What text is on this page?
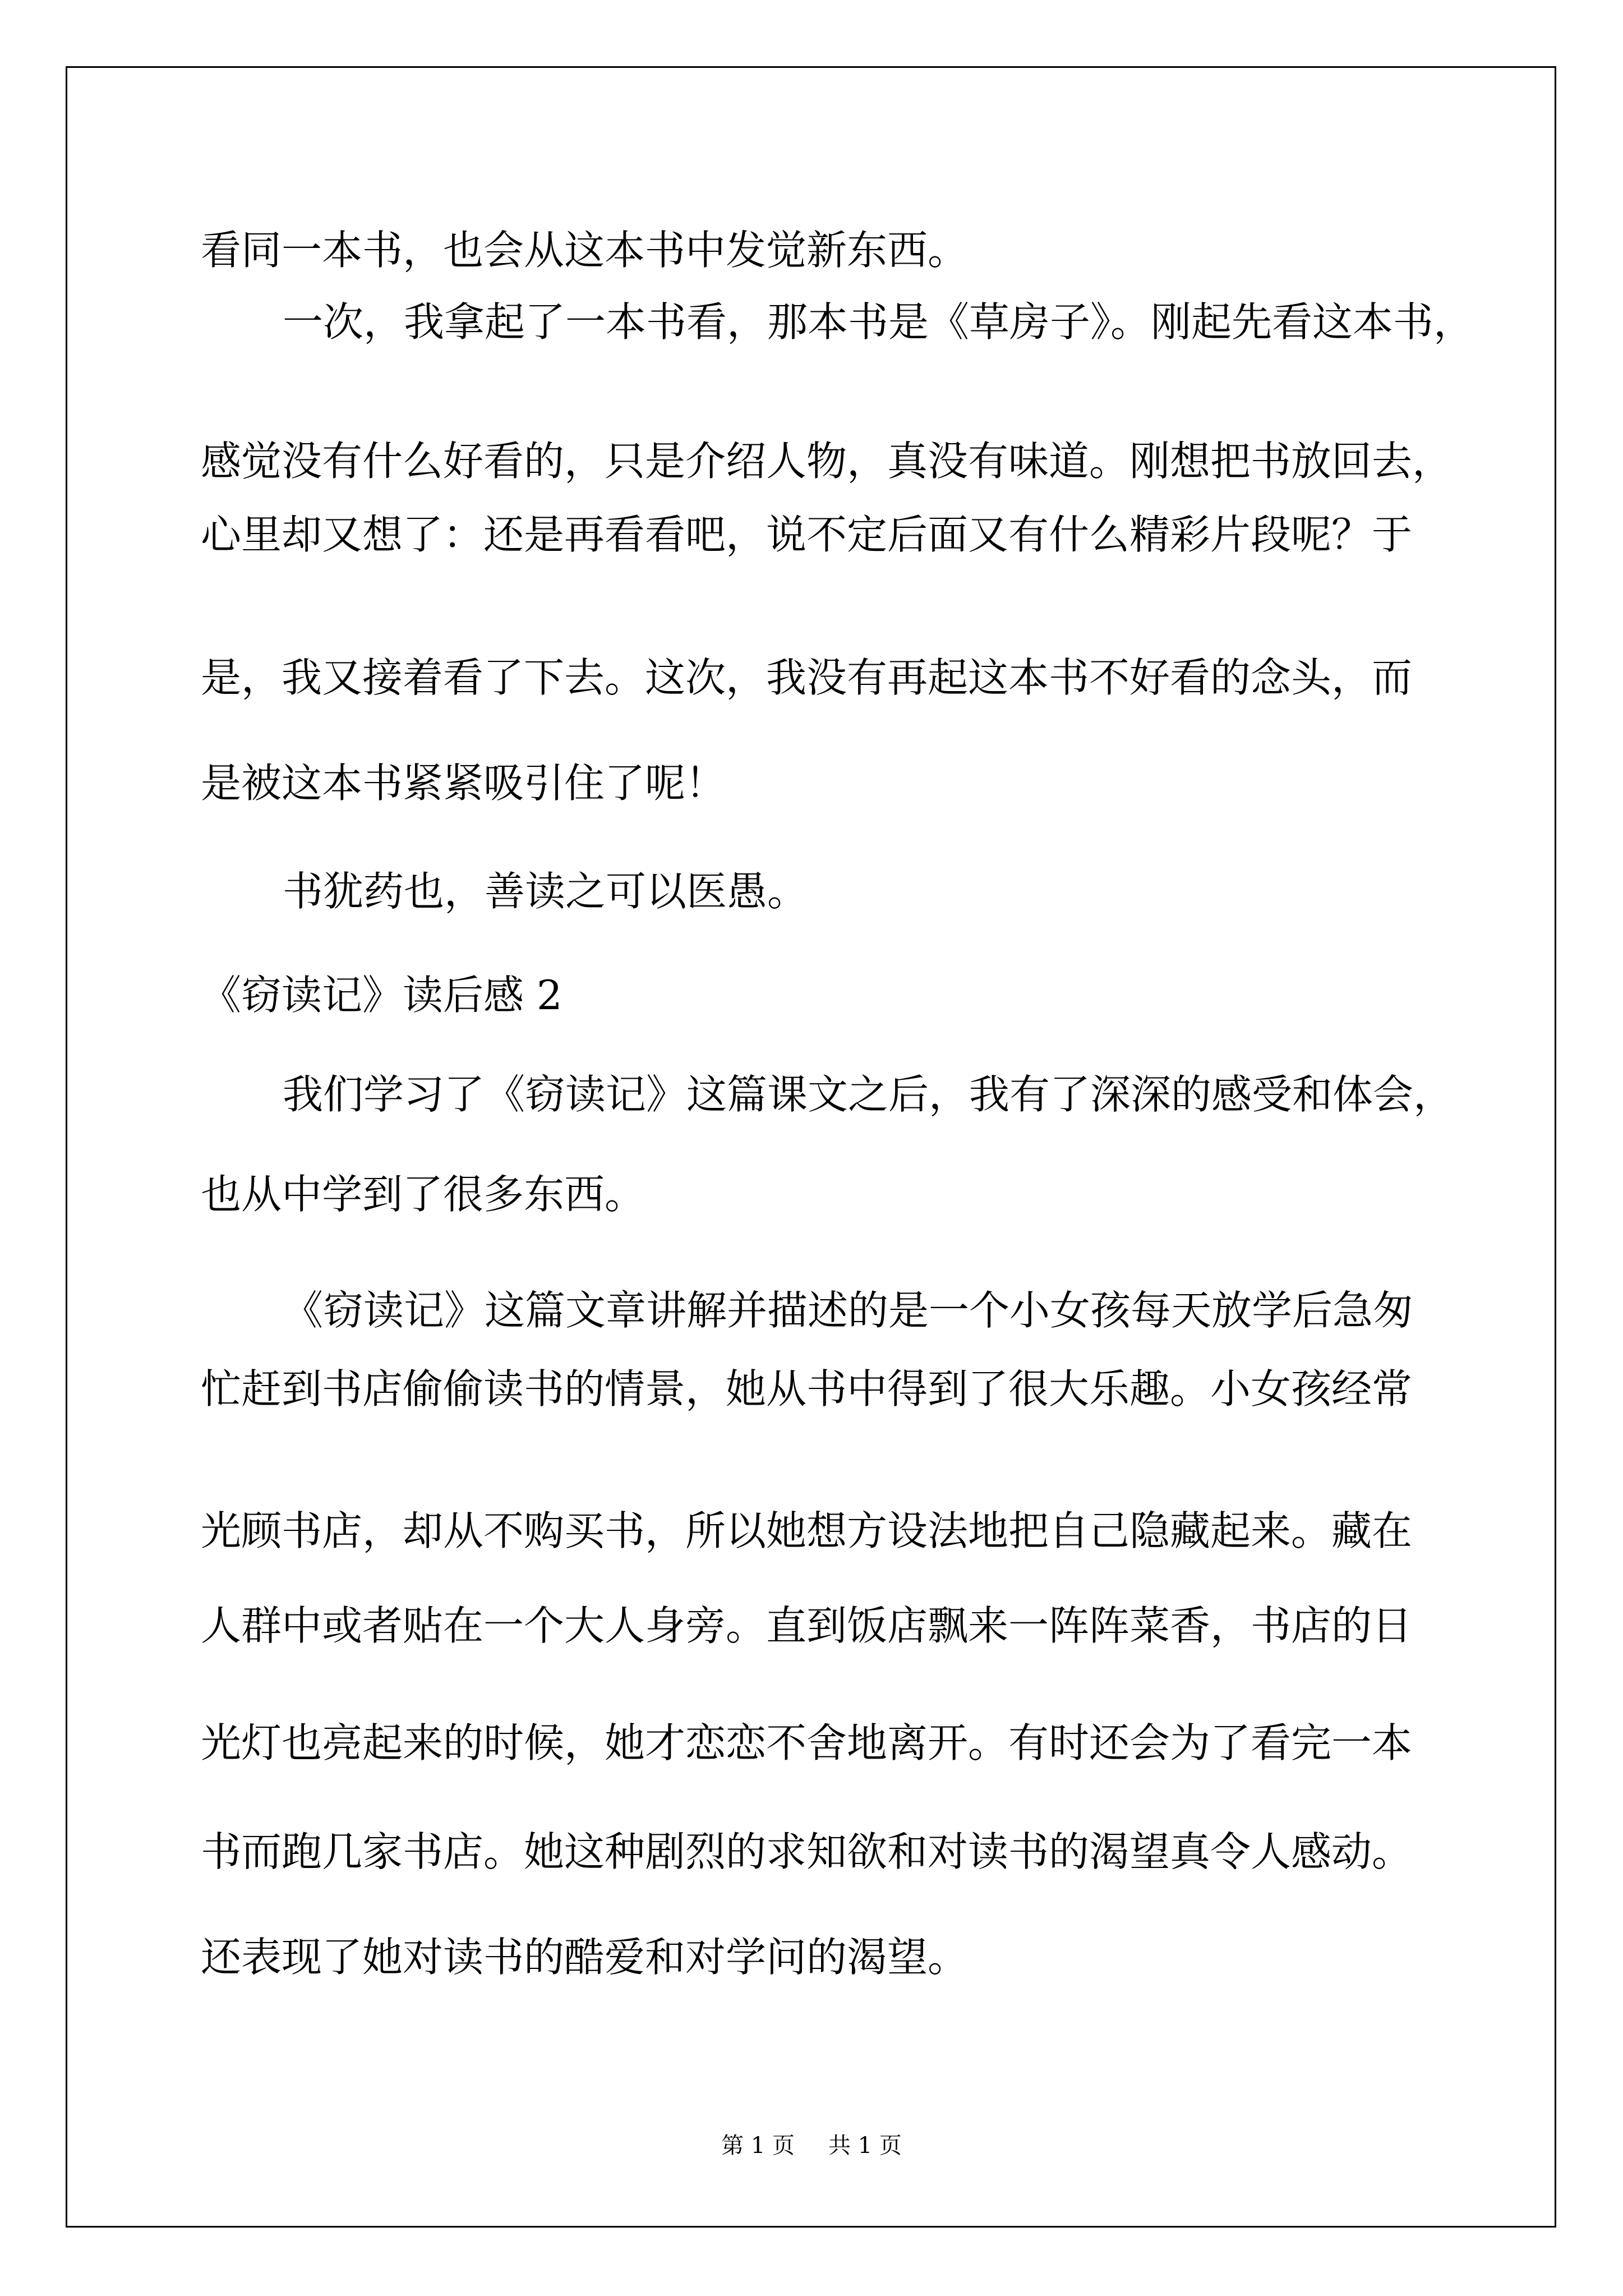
看同一本书，也会从这本书中发觉新东西。
一次，我拿起了一本书看，那本书是《草房子》。刚起先看这本书，
感觉没有什么好看的，只是介绍人物，真没有味道。刚想把书放回去，
心里却又想了：还是再看看吧，说不定后面又有什么精彩片段呢？于
是，我又接着看了下去。这次，我没有再起这本书不好看的念头，而
是被这本书紧紧吸引住了呢！
书犹药也，善读之可以医愚。
《窃读记》读后感 2
我们学习了《窃读记》这篇课文之后，我有了深深的感受和体会，
也从中学到了很多东西。
《窃读记》这篇文章讲解并描述的是一个小女孩每天放学后急匆
忙赶到书店偷偷读书的情景，她从书中得到了很大乐趣。小女孩经常
光顾书店，却从不购买书，所以她想方设法地把自己隐藏起来。藏在
人群中或者贴在一个大人身旁。直到饭店飘来一阵阵菜香，书店的日
光灯也亮起来的时候，她才恋恋不舍地离开。有时还会为了看完一本
书而跑几家书店。她这种剧烈的求知欲和对读书的渴望真令人感动。
还表现了她对读书的酷爱和对学问的渴望。
第 1 页 共 1 页
